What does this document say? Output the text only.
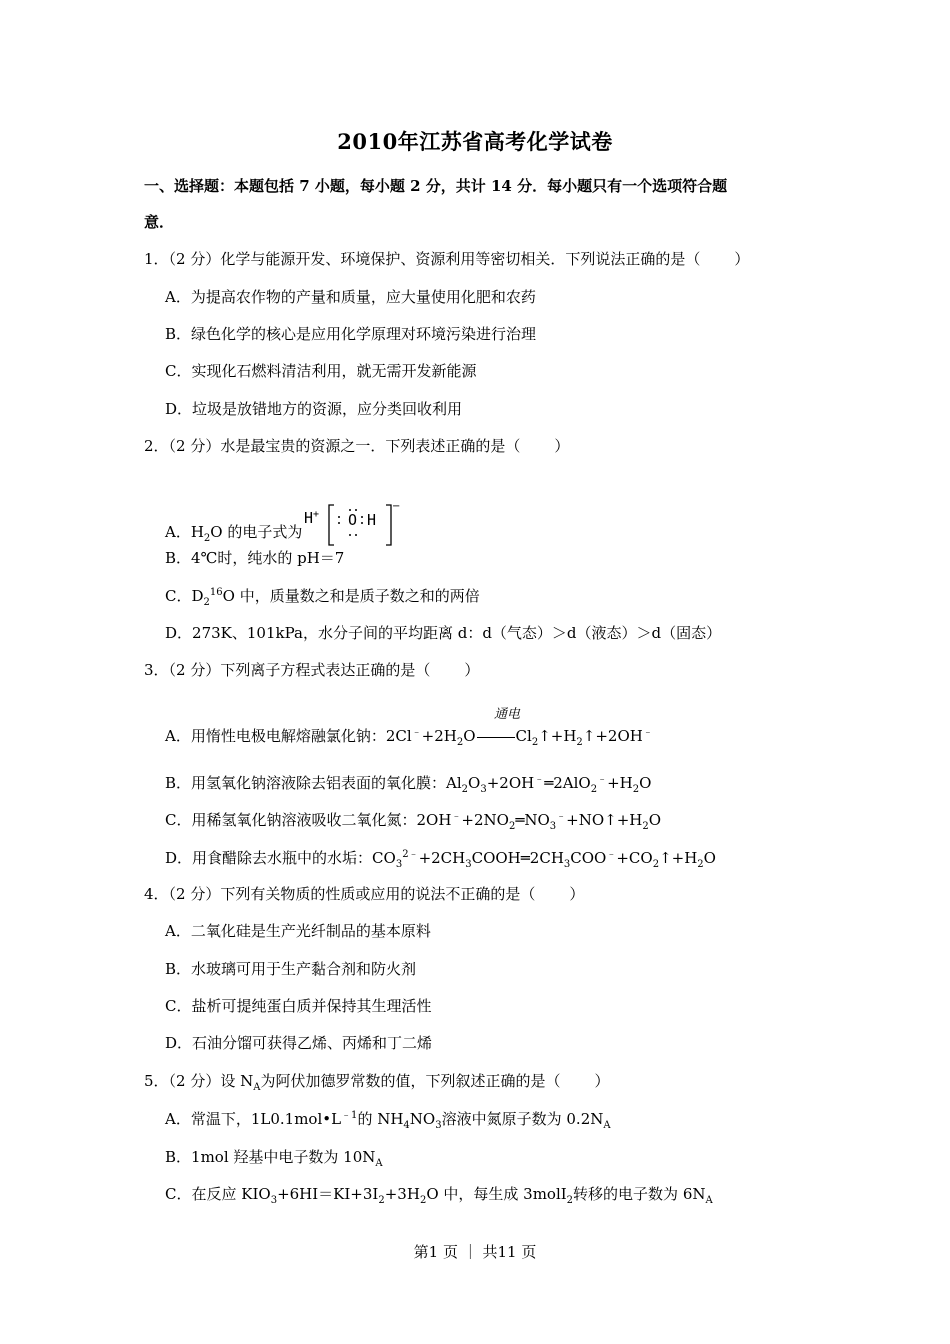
2010年江苏省高考化学试卷
一、选择题：本题包括 7 小题，每小题 2 分，共计 14 分．每小题只有一个选项符合题
意．
1．（2 分）化学与能源开发、环境保护、资源利用等密切相关．下列说法正确的是（ ）
A．为提高农作物的产量和质量，应大量使用化肥和农药
B．绿色化学的核心是应用化学原理对环境污染进行治理
C．实现化石燃料清洁利用，就无需开发新能源
D．垃圾是放错地方的资源，应分类回收利用
2．（2 分）水是最宝贵的资源之一．下列表述正确的是（ ）
A．$H_2O$ 的电子式为
H+ O H
−
B．4℃时，纯水的 pH＝7
C．$D_2^{16}O$ 中，质量数之和是质子数之和的两倍
D．273K、101kPa，水分子间的平均距离 d：d（气态）＞d（液态）＞d（固态）
3．（2 分）下列离子方程式表达正确的是（ ）
通电
A．用惰性电极电解熔融氯化钠：$2Cl^﹣+2H_2O$	$Cl_2↑+H_2↑+2OH^﹣$
B．用氢氧化钠溶液除去铝表面的氧化膜：$Al_2O_3+2OH^﹣═2AlO_2^﹣+H_2O$
C．用稀氢氧化钠溶液吸收二氧化氮：$2OH^﹣+2NO_2═NO_3^﹣+NO↑+H_2O$
D．用食醋除去水瓶中的水垢：$CO_3^{2﹣}+2CH_3COOH═2CH_3COO^﹣+CO_2↑+H_2O$
4．（2 分）下列有关物质的性质或应用的说法不正确的是（ ）
A．二氧化硅是生产光纤制品的基本原料
B．水玻璃可用于生产黏合剂和防火剂
C．盐析可提纯蛋白质并保持其生理活性
D．石油分馏可获得乙烯、丙烯和丁二烯
5．（2 分）设 $N_A$为阿伏加德罗常数的值，下列叙述正确的是（ ）
A．常温下，$1L0.1mol•L^{﹣1}$的 $NH_4NO_3$溶液中氮原子数为 $0.2N_A$
B．1mol 羟基中电子数为 $10N_A$
C．在反应 $KIO_3+6HI=KI+3I_2+3H_2O$ 中，每生成 3molI$_2$转移的电子数为 $6N_A$
第1 页 ｜ 共11 页
